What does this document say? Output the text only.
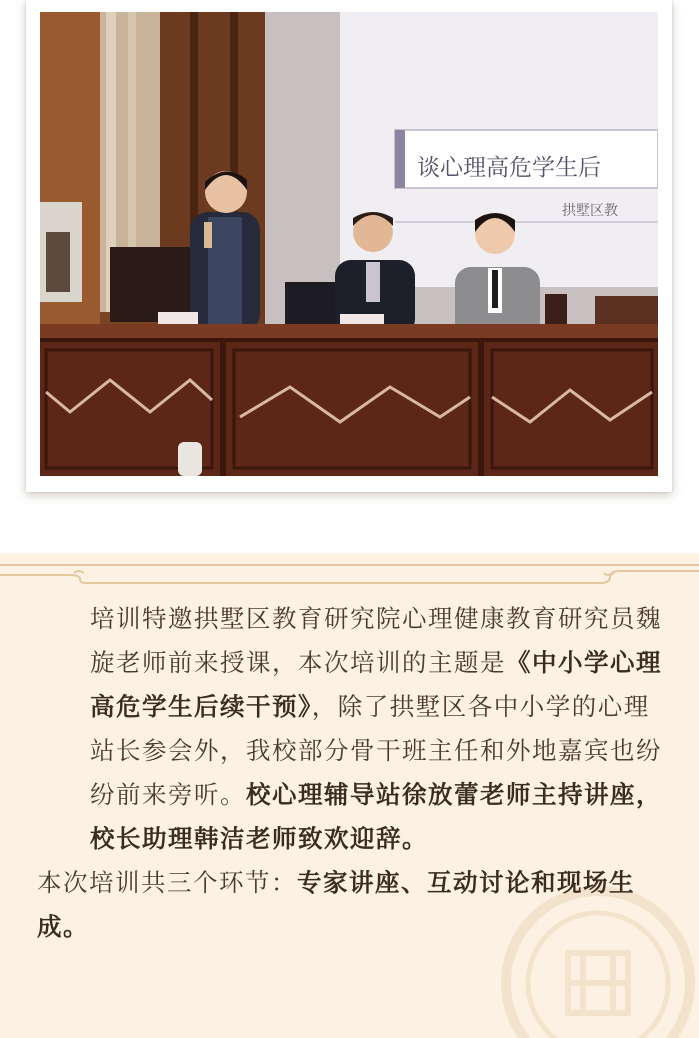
谈心理高危学生后
拱墅区教

培训特邀拱墅区教育研究院心理健康教育研究员魏旋老师前来授课，本次培训的主题是《中小学心理高危学生后续干预》，除了拱墅区各中小学的心理站长参会外，我校部分骨干班主任和外地嘉宾也纷纷前来旁听。校心理辅导站徐放蕾老师主持讲座，校长助理韩洁老师致欢迎辞。

本次培训共三个环节：专家讲座、互动讨论和现场生成。
